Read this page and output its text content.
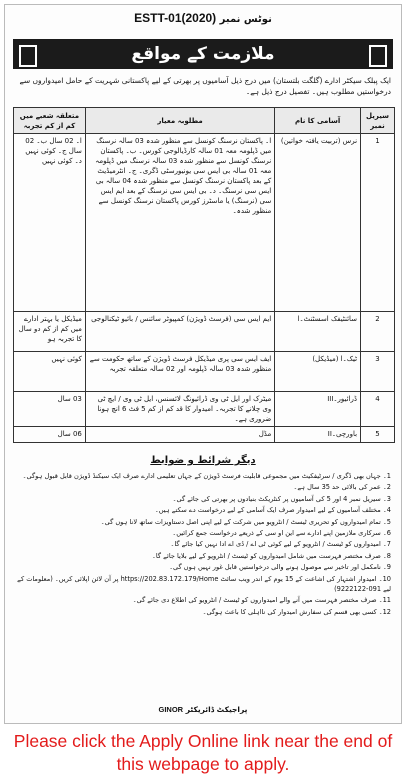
ESTT-01(2020) نوٹس نمبر
ملازمت کے مواقع

ایک پبلک سیکٹر ادارے (گلگت بلتستان) میں درج ذیل آسامیوں پر بھرتی کے لیے پاکستانی شہریت کے حامل امیدواروں سے درخواستیں مطلوب ہیں۔ تفصیل درج ذیل ہے۔

سیریل نمبر	آسامی کا نام	مطلوبہ معیار	متعلقہ شعبے میں کم از کم تجربہ
1	نرس (تربیت یافتہ خواتین)	ا۔ پاکستان نرسنگ کونسل سے منظور شدہ 03 سالہ نرسنگ میں ڈپلومہ معہ 01 سالہ کارڈیالوجی کورس۔ ب۔ پاکستان نرسنگ کونسل سے منظور شدہ 03 سالہ نرسنگ میں ڈپلومہ معہ 01 سالہ بی ایس سی یونیورسٹی ڈگری۔ ج۔ انٹرمیڈیٹ کے بعد پاکستان نرسنگ کونسل سے منظور شدہ 04 سالہ بی ایس سی نرسنگ۔ د۔ بی ایس سی نرسنگ کے بعد ایم ایس سی (نرسنگ) یا ماسٹرز کورس پاکستان نرسنگ کونسل سے منظور شدہ۔	ا۔ 02 سال ب۔ 02 سال ج۔ کوئی نہیں د۔ کوئی نہیں
2	سائنٹیفک اسسٹنٹ۔ا	ایم ایس سی (فرسٹ ڈویژن) کمپیوٹر سائنس / بائیو ٹیکنالوجی	میڈیکل یا بہتر ادارے میں کم از کم دو سال کا تجربہ ہو
3	ٹیک۔ا (میڈیکل)	ایف ایس سی پری میڈیکل فرسٹ ڈویژن کے ساتھ حکومت سے منظور شدہ 03 سالہ ڈپلومہ اور 02 سالہ متعلقہ تجربہ	کوئی نہیں
4	ڈرائیور۔III	میٹرک اور ایل ٹی وی ڈرائیونگ لائسنس، ایل ٹی وی / ایچ ٹی وی چلانے کا تجربہ۔ امیدوار کا قد کم از کم 5 فٹ 6 انچ ہونا ضروری ہے۔	03 سال
5	باورچی۔II	مڈل	06 سال
دیگر شرائط و ضوابط
1۔ جہاں بھی ڈگری / سرٹیفکیٹ میں مجموعی قابلیت فرسٹ ڈویژن کے جہاں تعلیمی ادارے صرف ایک سیکنڈ ڈویژن قابل قبول ہوگی۔
2۔ عمر کی بالائی حد 35 سال ہے۔
3۔ سیریل نمبر 4 اور 5 کی آسامیوں پر کنٹریکٹ بنیادوں پر بھرتی کی جائے گی۔
4۔ مختلف آسامیوں کے لیے امیدوار صرف ایک آسامی کے لیے درخواست دے سکتے ہیں۔
5۔ تمام امیدواروں کو تحریری ٹیسٹ / انٹرویو میں شرکت کے لیے اپنی اصل دستاویزات ساتھ لانا ہوں گی۔
6۔ سرکاری ملازمین اپنے ادارے سے این او سی کے ذریعے درخواست جمع کرائیں۔
7۔ امیدواروں کو ٹیسٹ / انٹرویو کے لیے کوئی ٹی اے / ڈی اے ادا نہیں کیا جائے گا۔
8۔ صرف مختصر فہرست میں شامل امیدواروں کو ٹیسٹ / انٹرویو کے لیے بلایا جائے گا۔
9۔ نامکمل اور تاخیر سے موصول ہونے والی درخواستیں قابل غور نہیں ہوں گی۔
10۔ امیدوار اشتہار کی اشاعت کے 15 یوم کے اندر ویب سائٹ https://202.83.172.179/Home پر آن لائن اپلائی کریں۔ (معلومات کے لیے 091-9222122)
11۔ صرف مختصر فہرست میں آنے والے امیدواروں کو ٹیسٹ / انٹرویو کی اطلاع دی جائے گی۔
12۔ کسی بھی قسم کی سفارش امیدوار کی نااہلی کا باعث ہوگی۔
پراجیکٹ ڈائریکٹر GINOR
Please click the Apply Online link near the end of this webpage to apply.
